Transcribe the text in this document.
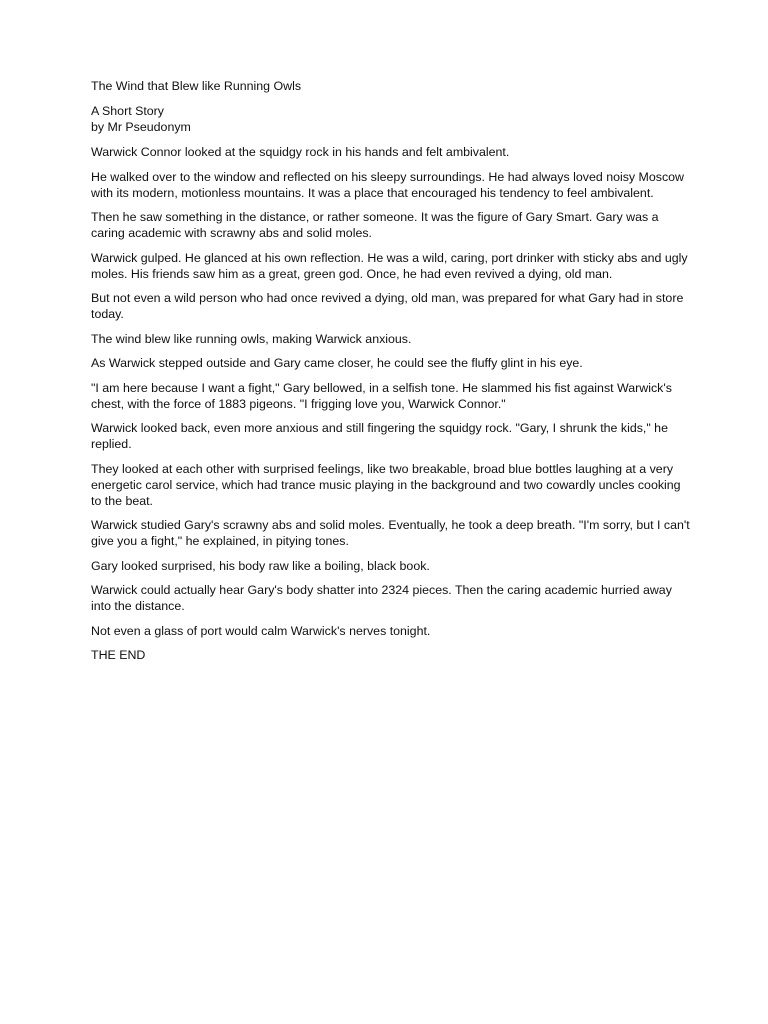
The Wind that Blew like Running Owls
A Short Story
by Mr Pseudonym

Warwick Connor looked at the squidgy rock in his hands and felt ambivalent.

He walked over to the window and reflected on his sleepy surroundings. He had always loved noisy Moscow with its modern, motionless mountains. It was a place that encouraged his tendency to feel ambivalent.

Then he saw something in the distance, or rather someone. It was the figure of Gary Smart. Gary was a caring academic with scrawny abs and solid moles.

Warwick gulped. He glanced at his own reflection. He was a wild, caring, port drinker with sticky abs and ugly moles. His friends saw him as a great, green god. Once, he had even revived a dying, old man.

But not even a wild person who had once revived a dying, old man, was prepared for what Gary had in store today.

The wind blew like running owls, making Warwick anxious.

As Warwick stepped outside and Gary came closer, he could see the fluffy glint in his eye.

"I am here because I want a fight," Gary bellowed, in a selfish tone. He slammed his fist against Warwick's chest, with the force of 1883 pigeons. "I frigging love you, Warwick Connor."

Warwick looked back, even more anxious and still fingering the squidgy rock. "Gary, I shrunk the kids," he replied.

They looked at each other with surprised feelings, like two breakable, broad blue bottles laughing at a very energetic carol service, which had trance music playing in the background and two cowardly uncles cooking to the beat.

Warwick studied Gary's scrawny abs and solid moles. Eventually, he took a deep breath. "I'm sorry, but I can't give you a fight," he explained, in pitying tones.

Gary looked surprised, his body raw like a boiling, black book.

Warwick could actually hear Gary's body shatter into 2324 pieces. Then the caring academic hurried away into the distance.

Not even a glass of port would calm Warwick's nerves tonight.

THE END
